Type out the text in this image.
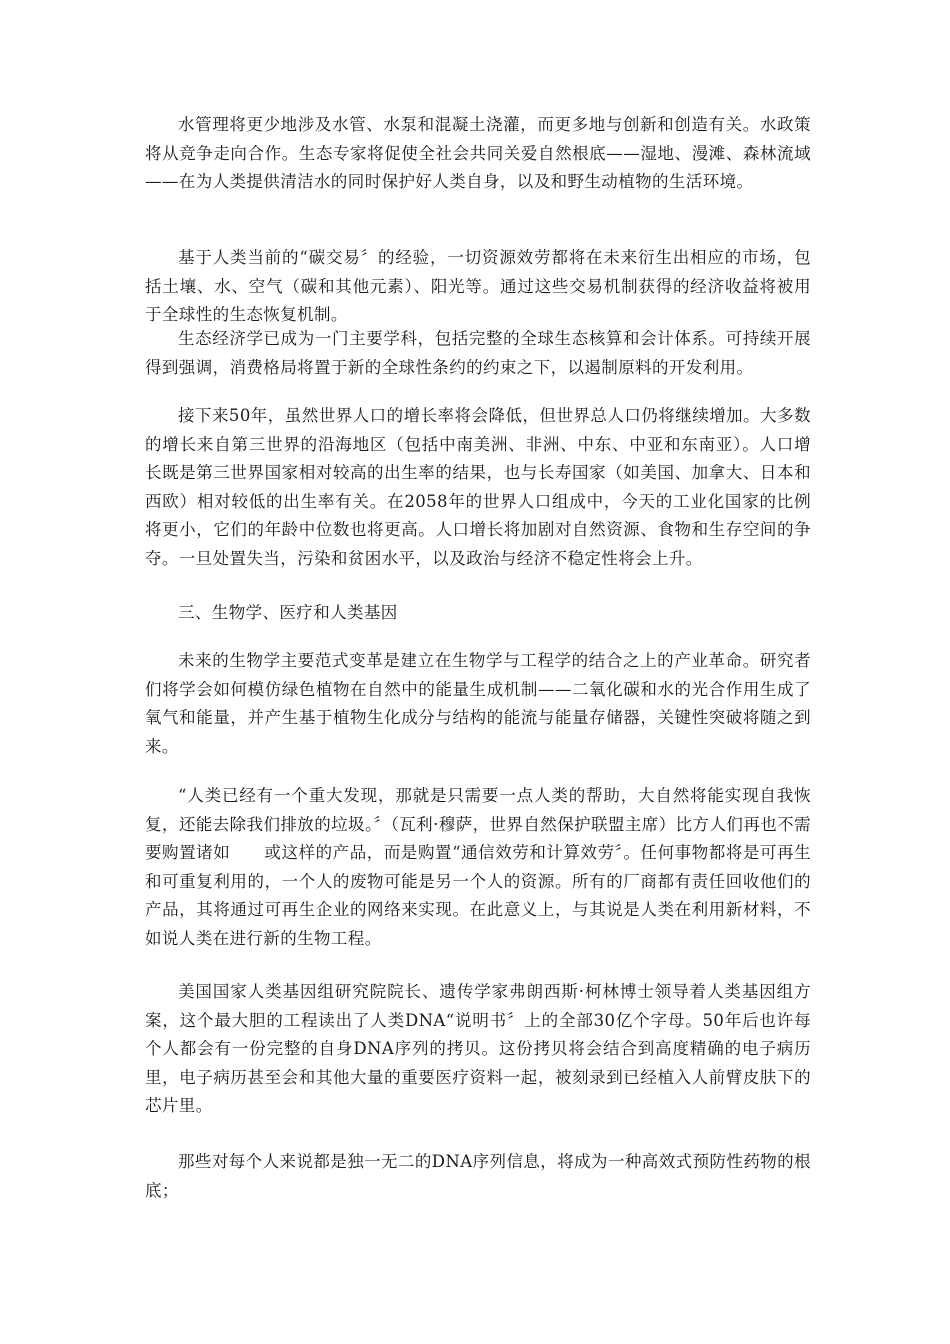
水管理将更少地涉及水管、水泵和混凝土浇灌，而更多地与创新和创造有关。水政策将从竞争走向合作。生态专家将促使全社会共同关爱自然根底——湿地、漫滩、森林流域——在为人类提供清洁水的同时保护好人类自身，以及和野生动植物的生活环境。

基于人类当前的“碳交易〞的经验，一切资源效劳都将在未来衍生出相应的市场，包括土壤、水、空气（碳和其他元素）、阳光等。通过这些交易机制获得的经济收益将被用于全球性的生态恢复机制。

生态经济学已成为一门主要学科，包括完整的全球生态核算和会计体系。可持续开展得到强调，消费格局将置于新的全球性条约的约束之下，以遏制原料的开发利用。

接下来50年，虽然世界人口的增长率将会降低，但世界总人口仍将继续增加。大多数的增长来自第三世界的沿海地区（包括中南美洲、非洲、中东、中亚和东南亚）。人口增长既是第三世界国家相对较高的出生率的结果，也与长寿国家（如美国、加拿大、日本和西欧）相对较低的出生率有关。在2058年的世界人口组成中，今天的工业化国家的比例将更小，它们的年龄中位数也将更高。人口增长将加剧对自然资源、食物和生存空间的争夺。一旦处置失当，污染和贫困水平，以及政治与经济不稳定性将会上升。

三、生物学、医疗和人类基因

未来的生物学主要范式变革是建立在生物学与工程学的结合之上的产业革命。研究者们将学会如何模仿绿色植物在自然中的能量生成机制——二氧化碳和水的光合作用生成了氧气和能量，并产生基于植物生化成分与结构的能流与能量存储器，关键性突破将随之到来。

“人类已经有一个重大发现，那就是只需要一点人类的帮助，大自然将能实现自我恢复，还能去除我们排放的垃圾。〞（瓦利·穆萨，世界自然保护联盟主席）比方人们再也不需要购置诸如　　或这样的产品，而是购置“通信效劳和计算效劳〞。任何事物都将是可再生和可重复利用的，一个人的废物可能是另一个人的资源。所有的厂商都有责任回收他们的产品，其将通过可再生企业的网络来实现。在此意义上，与其说是人类在利用新材料，不如说人类在进行新的生物工程。

美国国家人类基因组研究院院长、遗传学家弗朗西斯·柯林博士领导着人类基因组方案，这个最大胆的工程读出了人类DNA“说明书〞上的全部30亿个字母。50年后也许每个人都会有一份完整的自身DNA序列的拷贝。这份拷贝将会结合到高度精确的电子病历里，电子病历甚至会和其他大量的重要医疗资料一起，被刻录到已经植入人前臂皮肤下的芯片里。

那些对每个人来说都是独一无二的DNA序列信息，将成为一种高效式预防性药物的根底；
